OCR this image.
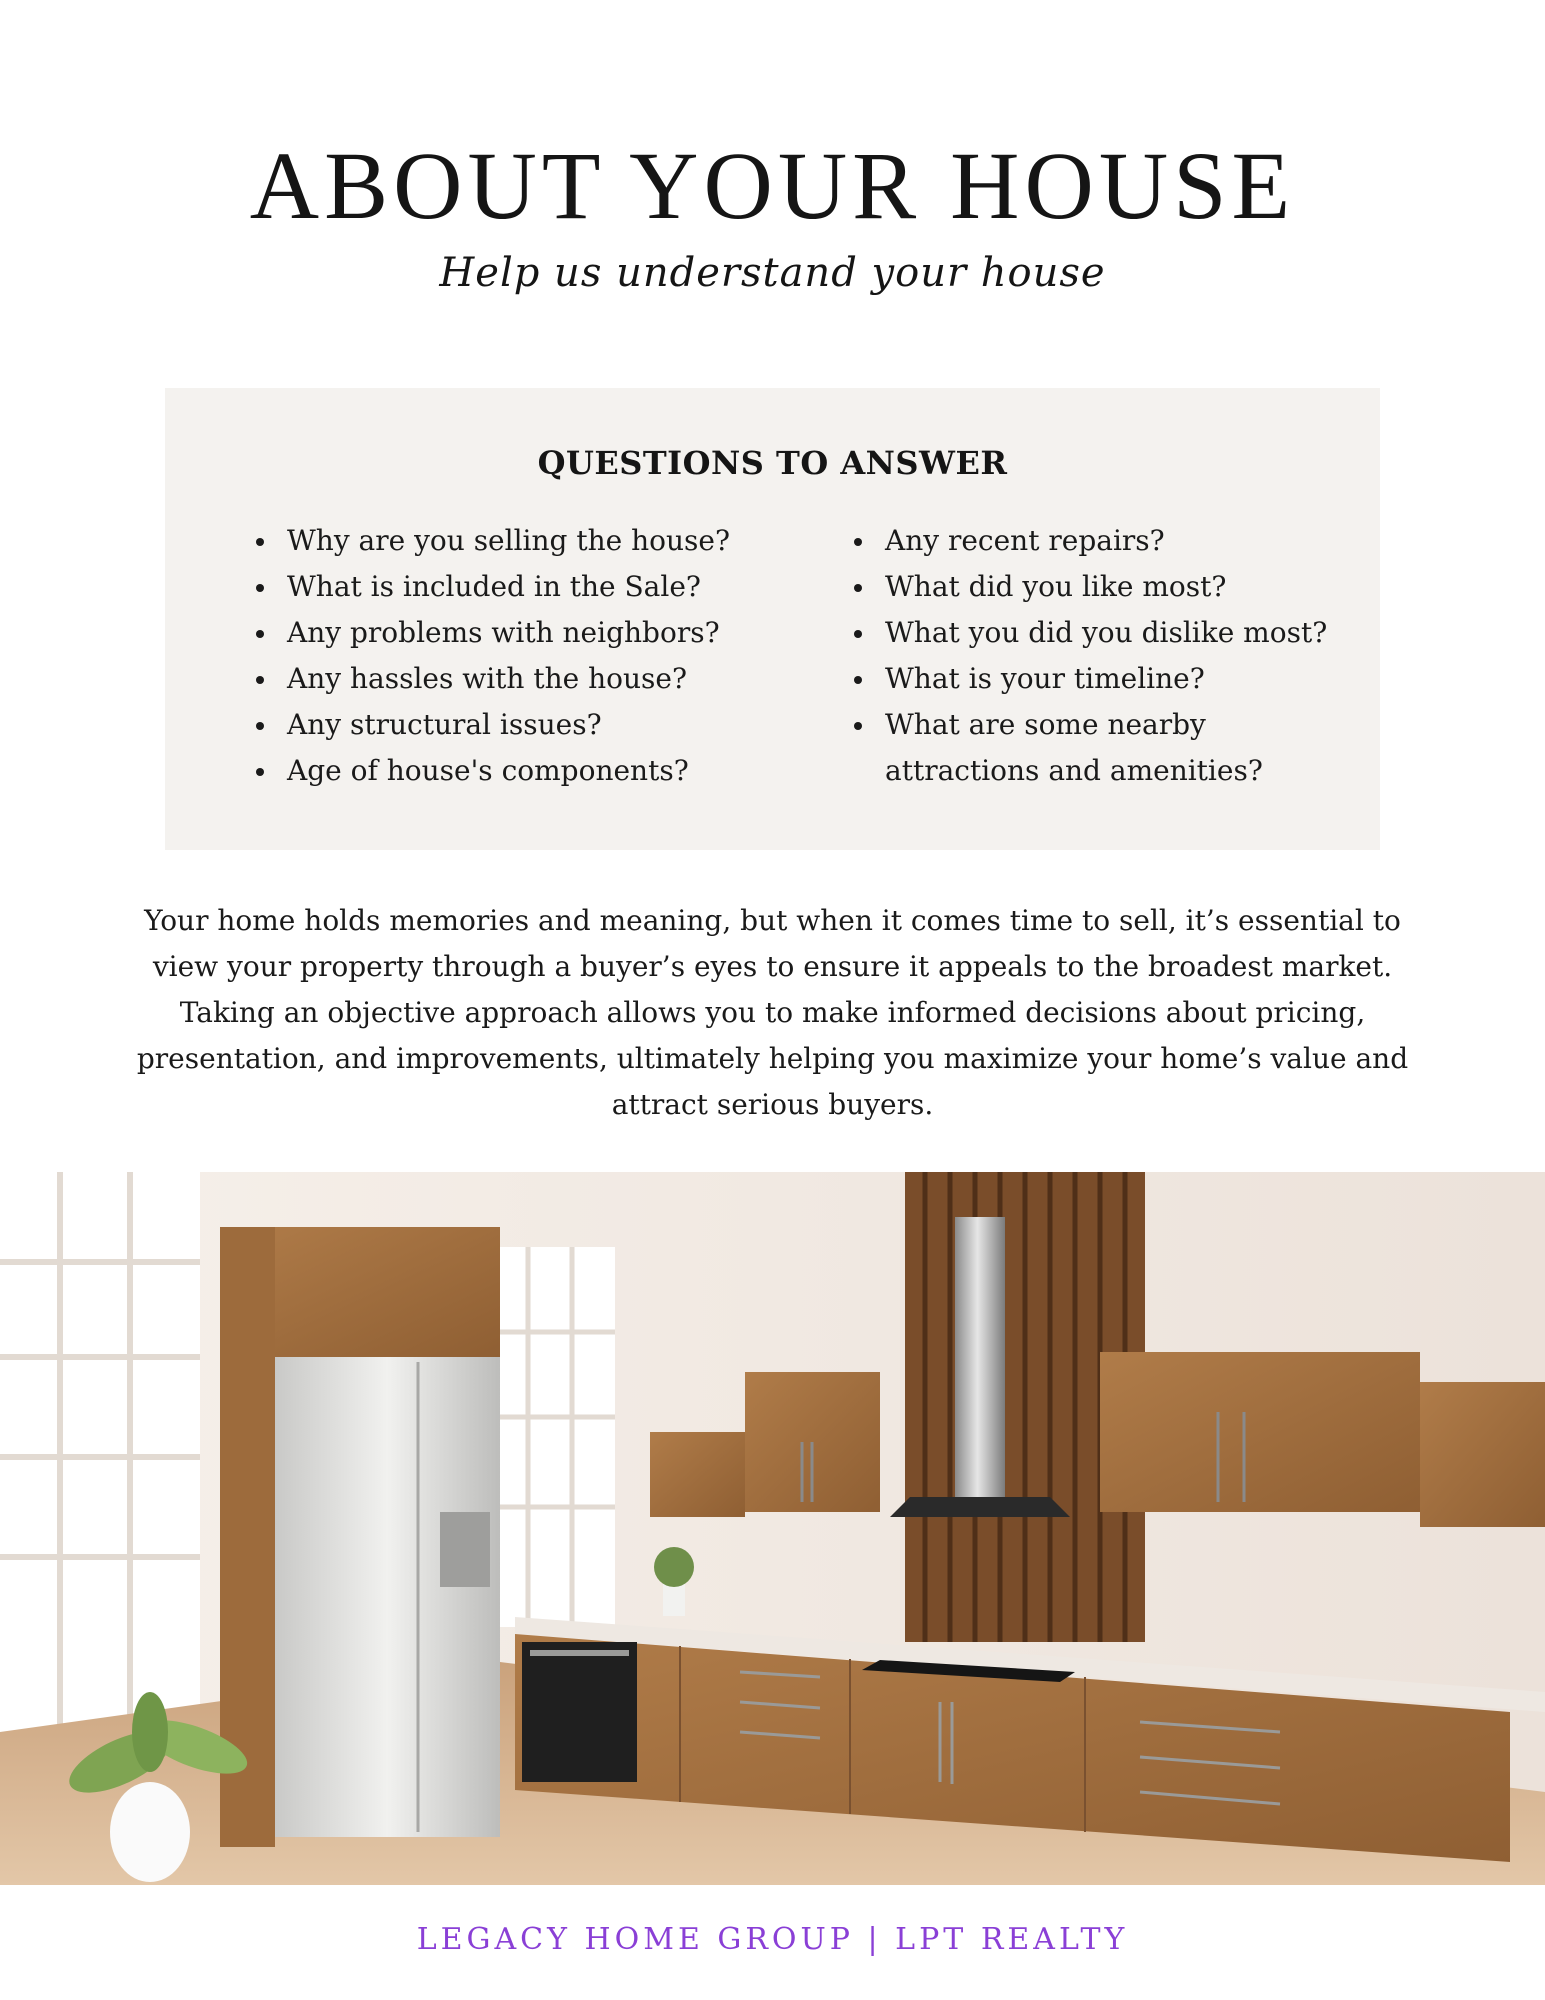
ABOUT YOUR HOUSE
Help us understand your house
QUESTIONS TO ANSWER
Why are you selling the house?
What is included in the Sale?
Any problems with neighbors?
Any hassles with the house?
Any structural issues?
Age of house's components?
Any recent repairs?
What did you like most?
What you did you dislike most?
What is your timeline?
What are some nearby attractions and amenities?

Your home holds memories and meaning, but when it comes time to sell, it’s essential to view your property through a buyer’s eyes to ensure it appeals to the broadest market. Taking an objective approach allows you to make informed decisions about pricing, presentation, and improvements, ultimately helping you maximize your home’s value and attract serious buyers.

LEGACY HOME GROUP | LPT REALTY
